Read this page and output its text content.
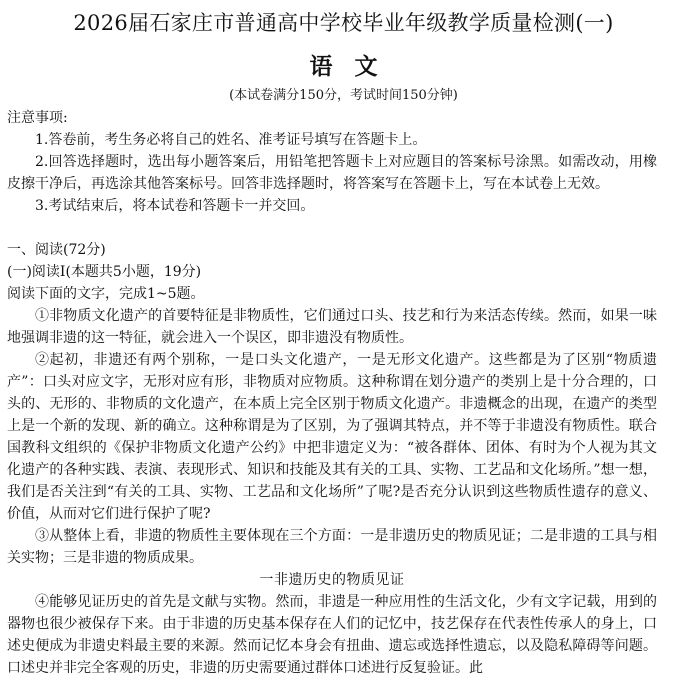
2026届石家庄市普通高中学校毕业年级教学质量检测(一)
语文
(本试卷满分150分，考试时间150分钟)

注意事项:

1.答卷前，考生务必将自己的姓名、准考证号填写在答题卡上。

2.回答选择题时，选出每小题答案后，用铅笔把答题卡上对应题目的答案标号涂黑。如需改动，用橡皮擦干净后，再选涂其他答案标号。回答非选择题时，将答案写在答题卡上，写在本试卷上无效。

3.考试结束后，将本试卷和答题卡一并交回。

一、阅读(72分)

(一)阅读Ⅰ(本题共5小题，19分)

阅读下面的文字，完成1~5题。

①非物质文化遗产的首要特征是非物质性，它们通过口头、技艺和行为来活态传续。然而，如果一味地强调非遗的这一特征，就会进入一个误区，即非遗没有物质性。

②起初，非遗还有两个别称，一是口头文化遗产，一是无形文化遗产。这些都是为了区别“物质遗产”：口头对应文字，无形对应有形，非物质对应物质。这种称谓在划分遗产的类别上是十分合理的，口头的、无形的、非物质的文化遗产，在本质上完全区别于物质文化遗产。非遗概念的出现，在遗产的类型上是一个新的发现、新的确立。这种称谓是为了区别，为了强调其特点，并不等于非遗没有物质性。联合国教科文组织的《保护非物质文化遗产公约》中把非遗定义为：“被各群体、团体、有时为个人视为其文化遗产的各种实践、表演、表现形式、知识和技能及其有关的工具、实物、工艺品和文化场所。”想一想，我们是否关注到“有关的工具、实物、工艺品和文化场所”了呢?是否充分认识到这些物质性遗存的意义、价值，从而对它们进行保护了呢?

③从整体上看，非遗的物质性主要体现在三个方面：一是非遗历史的物质见证；二是非遗的工具与相关实物；三是非遗的物质成果。

一非遗历史的物质见证

④能够见证历史的首先是文献与实物。然而，非遗是一种应用性的生活文化，少有文字记载，用到的器物也很少被保存下来。由于非遗的历史基本保存在人们的记忆中，技艺保存在代表性传承人的身上，口述史便成为非遗史料最主要的来源。然而记忆本身会有扭曲、遗忘或选择性遗忘，以及隐私障碍等问题。口述史并非完全客观的历史，非遗的历史需要通过群体口述进行反复验证。此
